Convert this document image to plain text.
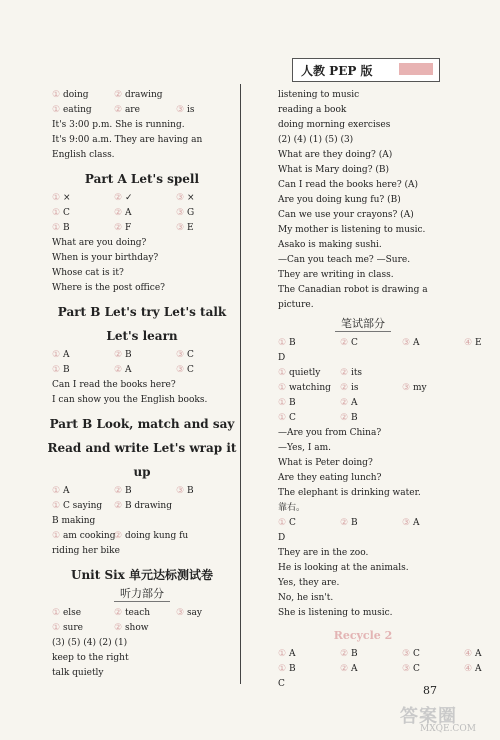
人教 PEP 版
① doing	② drawing
① eating ② are	③ is
It's 3:00 p.m. She is running.
It's 9:00 a.m. They are having an
English class.
Part A Let's spell
① ×	② ✓	③ ×
① C	② A	③ G
① B	② F	③ E
What are you doing?
When is your birthday?
Whose cat is it?
Where is the post office?
Part B Let's try Let's talk
Let's learn
① A	② B	③ C
① B	② A	③ C
Can I read the books here?
I can show you the English books.
Part B Look, match and say
Read and write Let's wrap it
up
① A	② B	③ B
① C saying ② B drawing
B making
① am cooking
② doing kung fu
riding her bike
Unit Six 单元达标测试卷
听力部分
① else	② teach	③ say
① sure	② show
(3) (5) (4) (2) (1)
keep to the right
talk quietly
listening to music
reading a book
doing morning exercises
(2) (4) (1) (5) (3)
What are they doing? (A)
What is Mary doing? (B)
Can I read the books here? (A)
Are you doing kung fu? (B)
Can we use your crayons? (A)
My mother is listening to music.
Asako is making sushi.
—Can you teach me? —Sure.
They are writing in class.
The Canadian robot is drawing a
picture.
笔试部分
① B	② C	③ A	④ E
D
① quietly ② its
① watching ② is	③ my
① B	② A
① C	② B
—Are you from China?
—Yes, I am.
What is Peter doing?
Are they eating lunch?
The elephant is drinking water.
靠右。
① C	② B	③ A
D
They are in the zoo.
He is looking at the animals.
Yes, they are.
No, he isn't.
She is listening to music.
Recycle 2
① A	② B	③ C	④ A
① B	② A	③ C	④ A
C	87
答案圈
MXQE.COM
